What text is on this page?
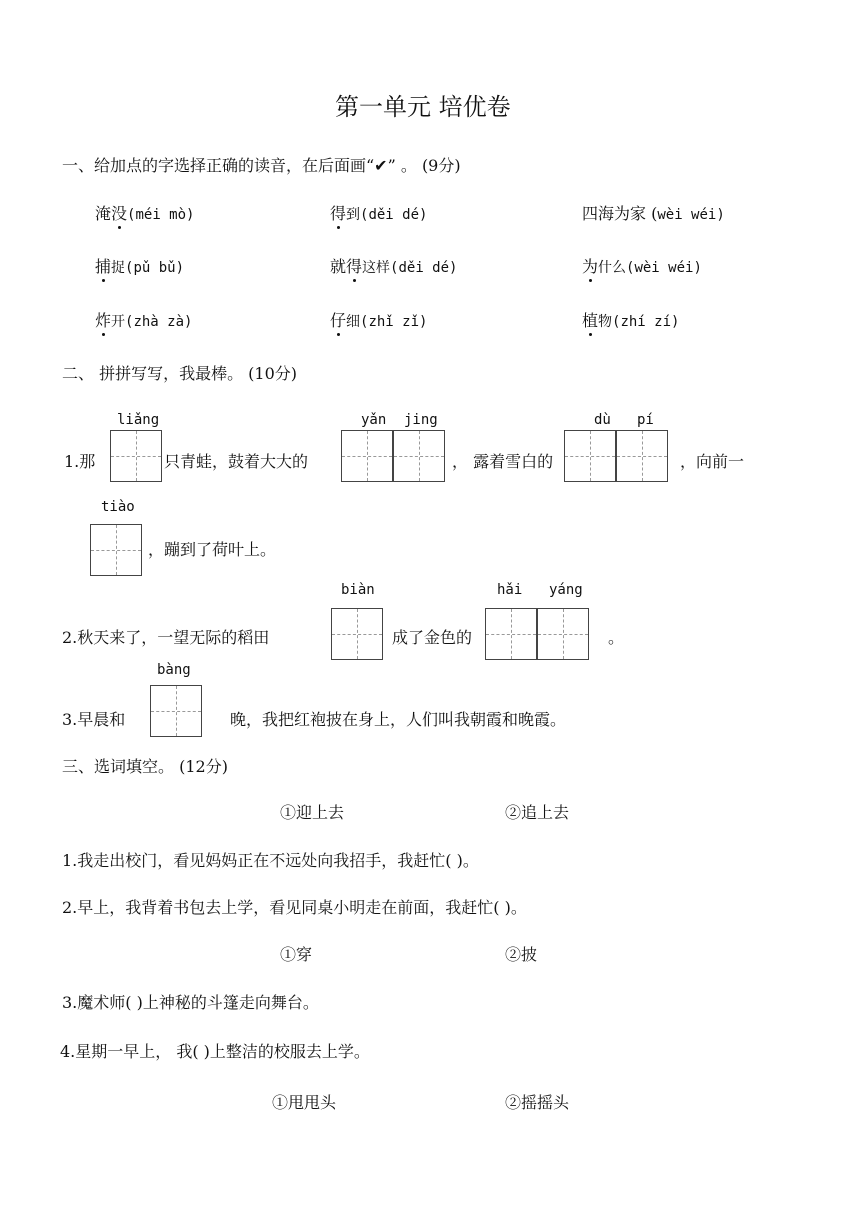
第一单元 培优卷
一、给加点的字选择正确的读音，在后面画“✔” 。 (9分)
淹没(méi mò)	得到(děi dé)	四海为家 (wèi wéi)
捕捉(pǔ bǔ)	就得这样(děi dé)	为什么(wèi wéi)
炸开(zhà zà)	仔细(zhǐ zǐ)	植物(zhí zí)
二、 拼拼写写，我最棒。 (10分)
liǎng
1.那	只青蛙，鼓着大大的
yǎn jing
， 露着雪白的
dù pí
，向前一
tiào
，蹦到了荷叶上。
biàn
2.秋天来了，一望无际的稻田	成了金色的
hǎi yáng
。
bàng
3.早晨和	晚，我把红袍披在身上，人们叫我朝霞和晚霞。
三、选词填空。 (12分)
①迎上去	②追上去
1.我走出校门，看见妈妈正在不远处向我招手，我赶忙( )。
2.早上，我背着书包去上学，看见同桌小明走在前面，我赶忙( )。
①穿	②披
3.魔术师( )上神秘的斗篷走向舞台。
4.星期一早上， 我( )上整洁的校服去上学。
①甩甩头	②摇摇头
